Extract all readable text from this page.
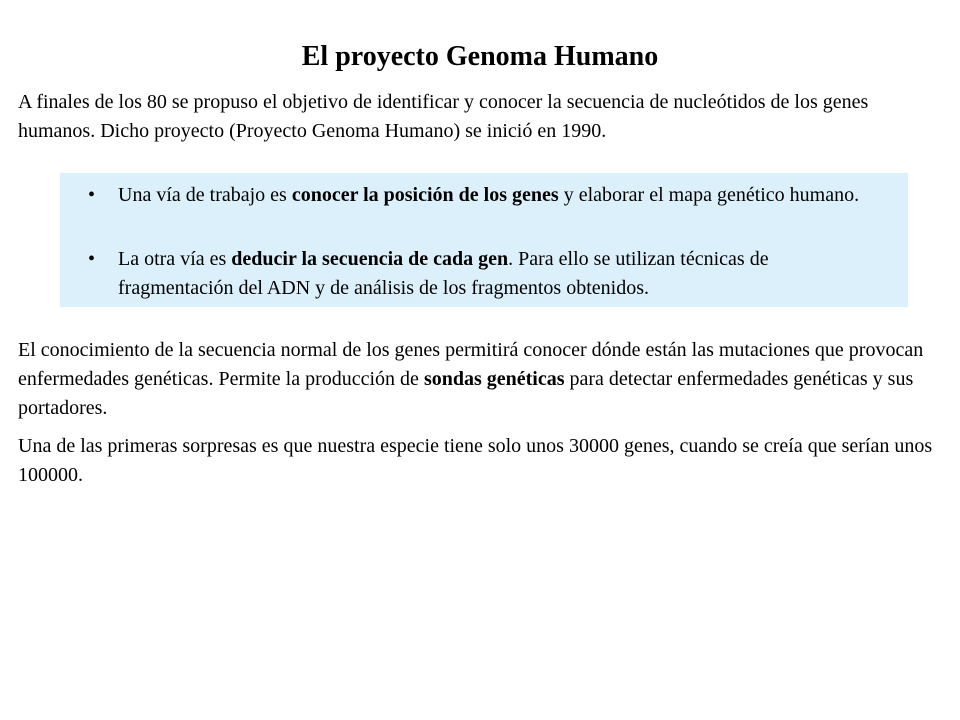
El proyecto Genoma Humano

A finales de los 80 se propuso el objetivo de identificar y conocer la secuencia de nucleótidos de los genes humanos. Dicho proyecto (Proyecto Genoma Humano) se inició en 1990.

•	Una vía de trabajo es conocer la posición de los genes y elaborar el mapa genético humano.
•	La otra vía es deducir la secuencia de cada gen. Para ello se utilizan técnicas de fragmentación del ADN y de análisis de los fragmentos obtenidos.

El conocimiento de la secuencia normal de los genes permitirá conocer dónde están las mutaciones que provocan enfermedades genéticas. Permite la producción de sondas genéticas para detectar enfermedades genéticas y sus portadores.

Una de las primeras sorpresas es que nuestra especie tiene solo unos 30000 genes, cuando se creía que serían unos 100000.
